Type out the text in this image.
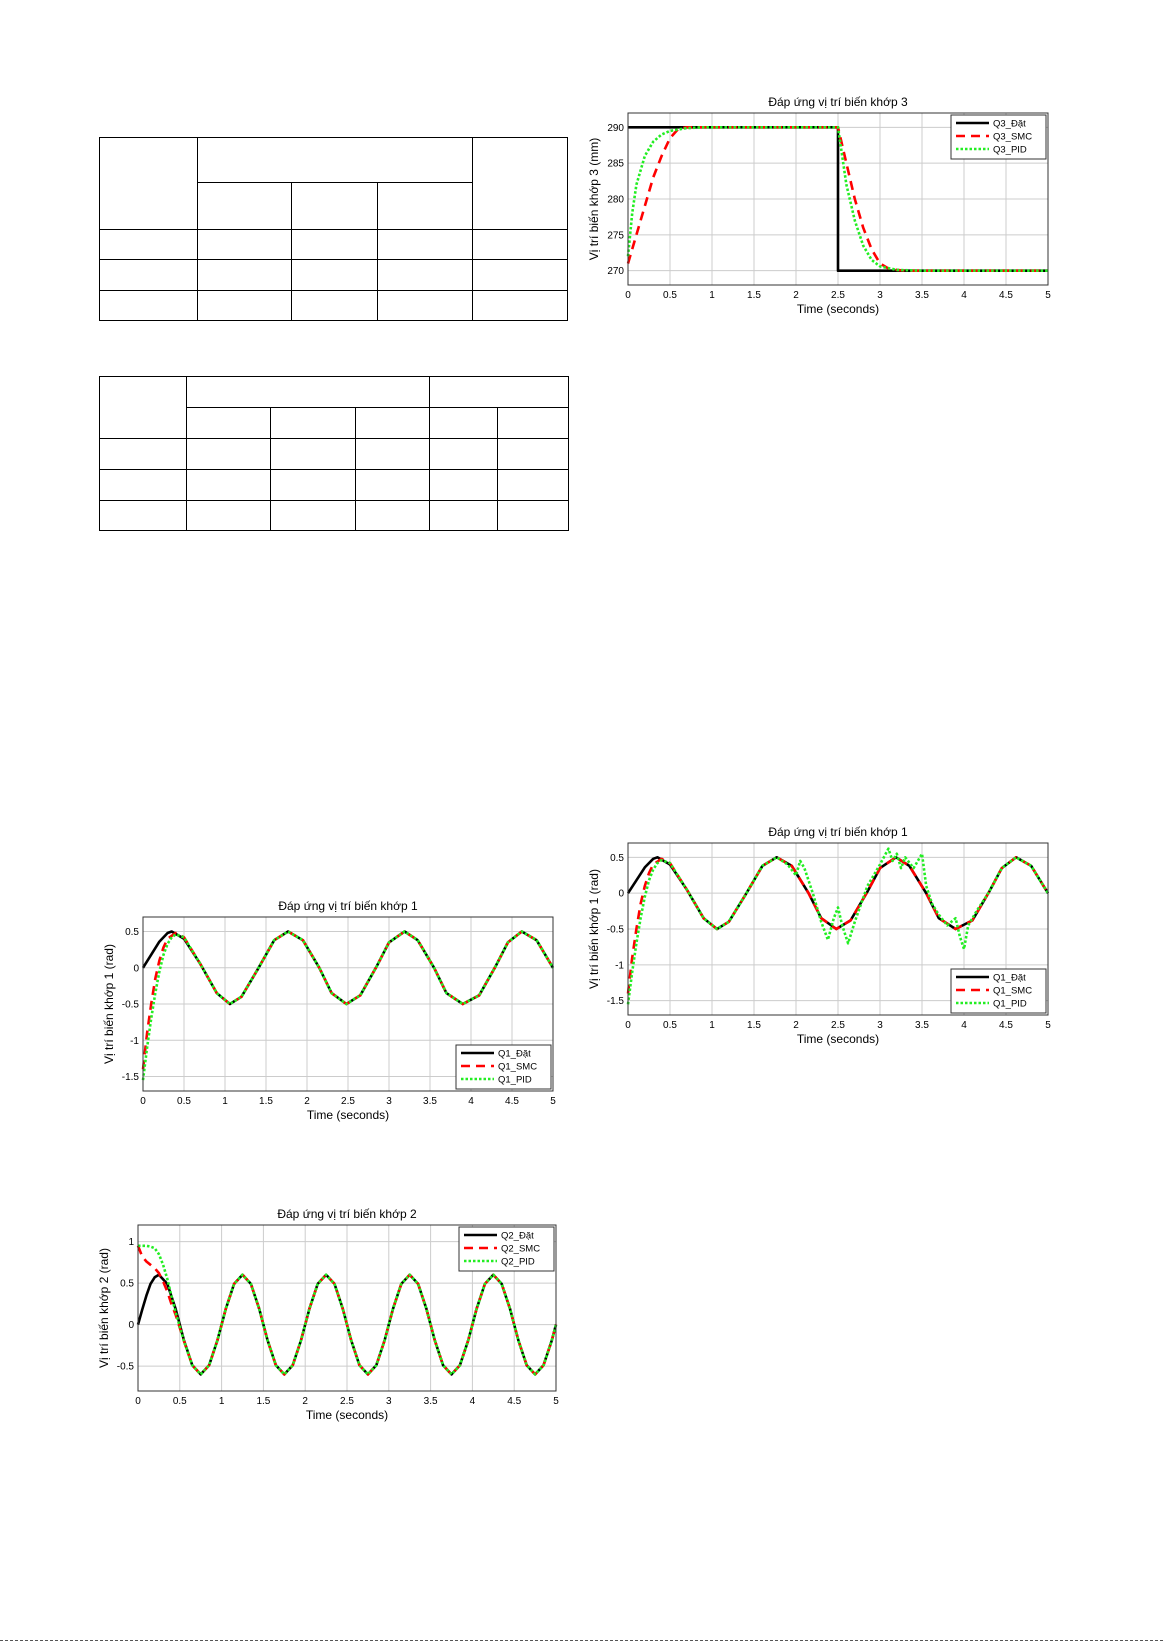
Đáp ứng vị trí biến khớp 3
0	0.5	1	1.5	2	2.5	3	3.5	4	4.5	5
270
275
280
285
290
Time (seconds)
Vị trí biến khớp 3 (mm)
Q3_Đặt
Q3_SMC
Q3_PID
Đáp ứng vị trí biến khớp 1
0	0.5	1	1.5	2	2.5	3	3.5	4	4.5	5
-1.5
-1
-0.5
0
0.5
Time (seconds)
Vị trí biến khớp 1 (rad)	Q1_Đặt
Q1_SMC
Q1_PID
Đáp ứng vị trí biến khớp 1
0	0.5	1	1.5	2	2.5	3	3.5	4	4.5	5
-1.5
-1
-0.5
0
0.5
Time (seconds)
Vị trí biến khớp 1 (rad)	Q1_Đặt
Q1_SMC
Q1_PID
Đáp ứng vị trí biến khớp 2
0	0.5	1	1.5	2	2.5	3	3.5	4	4.5	5
-0.5
0
0.5
1
Time (seconds)
Vị trí biến khớp 2 (rad)
Q2_Đặt
Q2_SMC
Q2_PID
